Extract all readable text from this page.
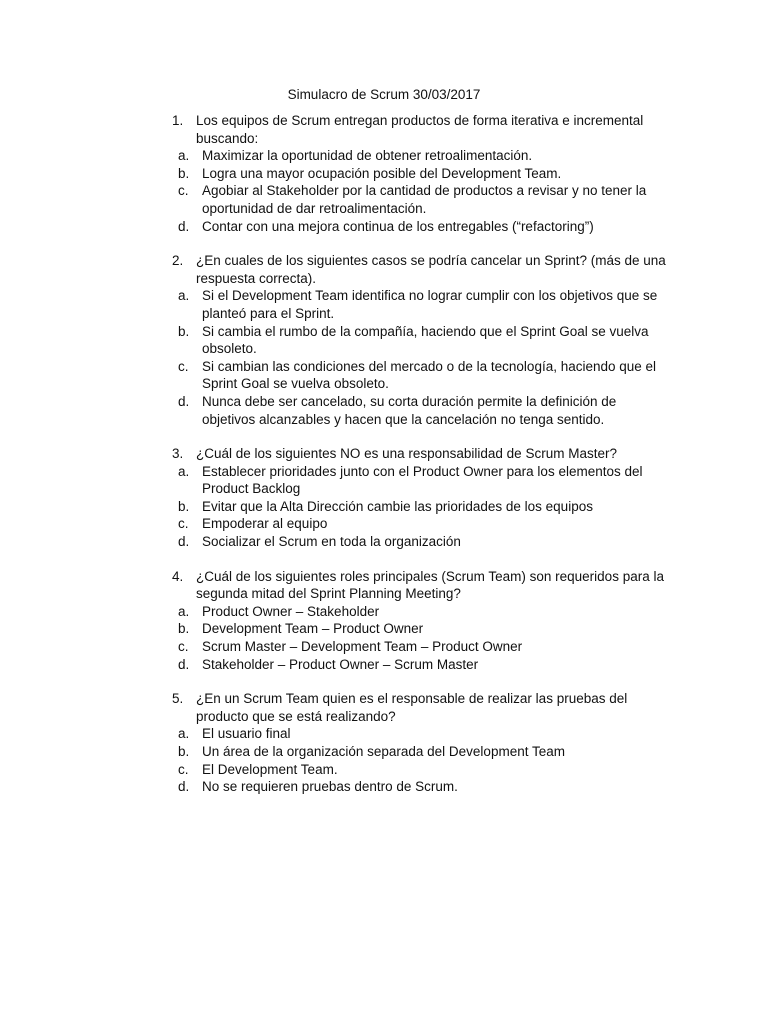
Simulacro de Scrum 30/03/2017
1. Los equipos de Scrum entregan productos de forma iterativa e incremental buscando:
a. Maximizar la oportunidad de obtener retroalimentación.
b. Logra una mayor ocupación posible del Development Team.
c. Agobiar al Stakeholder por la cantidad de productos a revisar y no tener la oportunidad de dar retroalimentación.
d. Contar con una mejora continua de los entregables (“refactoring”)
2. ¿En cuales de los siguientes casos se podría cancelar un Sprint? (más de una respuesta correcta).
a. Si el Development Team identifica no lograr cumplir con los objetivos que se planteó para el Sprint.
b. Si cambia el rumbo de la compañía, haciendo que el Sprint Goal se vuelva obsoleto.
c. Si cambian las condiciones del mercado o de la tecnología, haciendo que el Sprint Goal se vuelva obsoleto.
d. Nunca debe ser cancelado, su corta duración permite la definición de objetivos alcanzables y hacen que la cancelación no tenga sentido.
3. ¿Cuál de los siguientes NO es una responsabilidad de Scrum Master?
a. Establecer prioridades junto con el Product Owner para los elementos del Product Backlog
b. Evitar que la Alta Dirección cambie las prioridades de los equipos
c. Empoderar al equipo
d. Socializar el Scrum en toda la organización
4. ¿Cuál de los siguientes roles principales (Scrum Team) son requeridos para la segunda mitad del Sprint Planning Meeting?
a. Product Owner – Stakeholder
b. Development Team – Product Owner
c. Scrum Master – Development Team – Product Owner
d. Stakeholder – Product Owner – Scrum Master
5. ¿En un Scrum Team quien es el responsable de realizar las pruebas del producto que se está realizando?
a. El usuario final
b. Un área de la organización separada del Development Team
c. El Development Team.
d. No se requieren pruebas dentro de Scrum.
